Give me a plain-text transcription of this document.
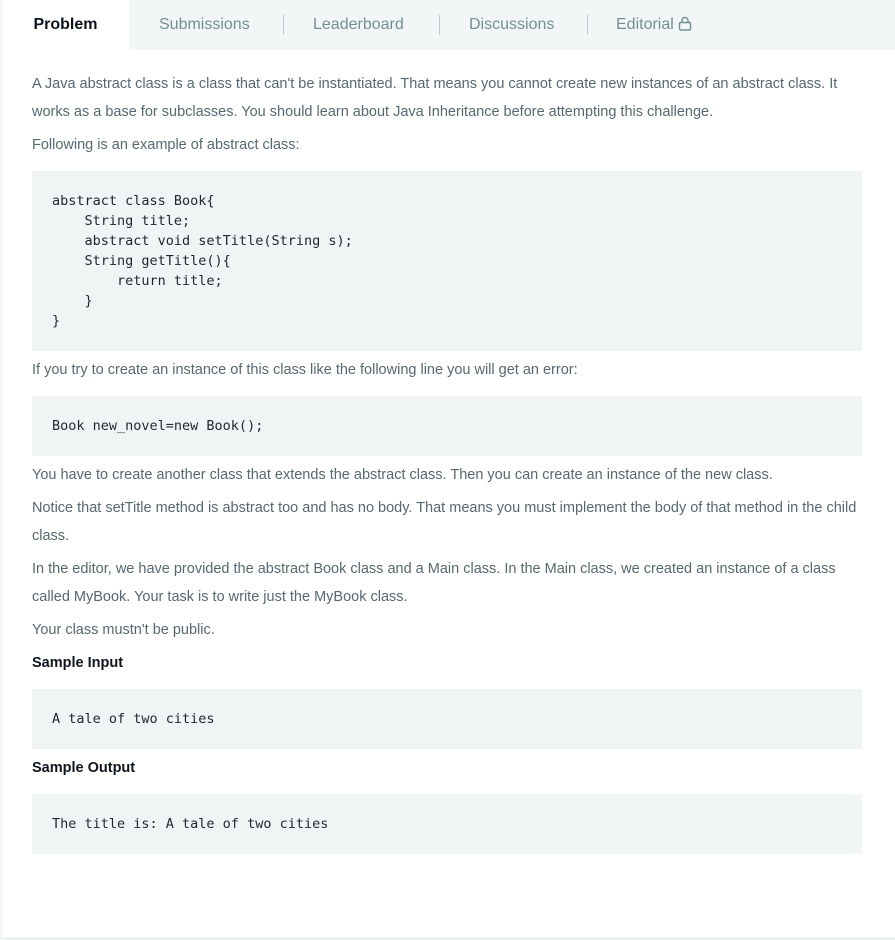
Problem	Submissions	Leaderboard	Discussions	Editorial

A Java abstract class is a class that can't be instantiated. That means you cannot create new instances of an abstract class. It works as a base for subclasses. You should learn about Java Inheritance before attempting this challenge.

Following is an example of abstract class:

abstract class Book{
String title;
abstract void setTitle(String s);
String getTitle(){
return title;
}
}

If you try to create an instance of this class like the following line you will get an error:

Book new_novel=new Book();

You have to create another class that extends the abstract class. Then you can create an instance of the new class.

Notice that setTitle method is abstract too and has no body. That means you must implement the body of that method in the child class.

In the editor, we have provided the abstract Book class and a Main class. In the Main class, we created an instance of a class called MyBook. Your task is to write just the MyBook class.

Your class mustn't be public.

Sample Input
A tale of two cities
Sample Output
The title is: A tale of two cities
